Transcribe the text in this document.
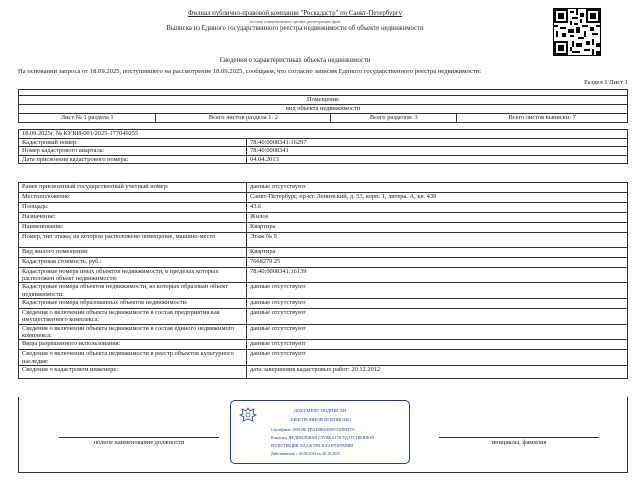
Филиал публично-правовой компании "Роскадастр" по Санкт-Петербургу
полное наименование органа регистрации прав
Выписка из Единого государственного реестра недвижимости об объекте недвижимости
Сведения о характеристиках объекта недвижимости
На основании запроса от 18.09.2025, поступившего на рассмотрение 18.09.2025, сообщаем, что согласно записям Единого государственного реестра недвижимости:
Раздел 1 Лист 1

Помещение
вид объекта недвижимости
Лист № 1 раздела 1	Всего листов раздела 1: 2	Всего разделов: 3	Всего листов выписки: 7
18.09.2025г. № КУВИ-001/2025-177049255	
Кадастровый номер:	78:40:0008341:16297
Номер кадастрового квартала:	78:40:0008341
Дата присвоения кадастрового номера:	04.04.2013
Ранее присвоенный государственный учетный номер:	данные отсутствуют
Местоположение:	Санкт-Петербург, пр-кт. Ленинский, д. 53, корп. 1, литера. А, кв. 439
Площадь:	43.6
Назначение:	Жилое
Наименование:	Квартира
Номер, тип этажа, на котором расположено помещение, машино-место	Этаж № 9
Вид жилого помещения:	Квартира
Кадастровая стоимость, руб.:	7668279.25
Кадастровые номера иных объектов недвижимости, в пределах которых расположен объект недвижимости:	78:40:0008341:16139
Кадастровые номера объектов недвижимости, из которых образован объект недвижимости:	данные отсутствуют
Кадастровые номера образованных объектов недвижимости:	данные отсутствуют
Сведения о включении объекта недвижимости в состав предприятия как имущественного комплекса:	данные отсутствуют
Сведения о включении объекта недвижимости в состав единого недвижимого комплекса:	данные отсутствуют
Виды разрешенного использования:	данные отсутствуют
Сведения о включении объекта недвижимости в реестр объектов культурного наследия:	данные отсутствуют
Сведения о кадастровом инженере:	дата завершения кадастровых работ: 20.12.2012
полное наименование должности	инициалы, фамилия
ДОКУМЕНТ ПОДПИСАН
ЭЛЕКТРОННОЙ ПОДПИСЬЮ
Сертификат: 00916BCFBA458B6A693752DBEFD1
Владелец: ФЕДЕРАЛЬНАЯ СЛУЖБА ГОСУДАРСТВЕННОЙ
РЕГИСТРАЦИИ, КАДАСТРА И КАРТОГРАФИИ
Действителен: с 02.09.2024 по 26.10.2025
